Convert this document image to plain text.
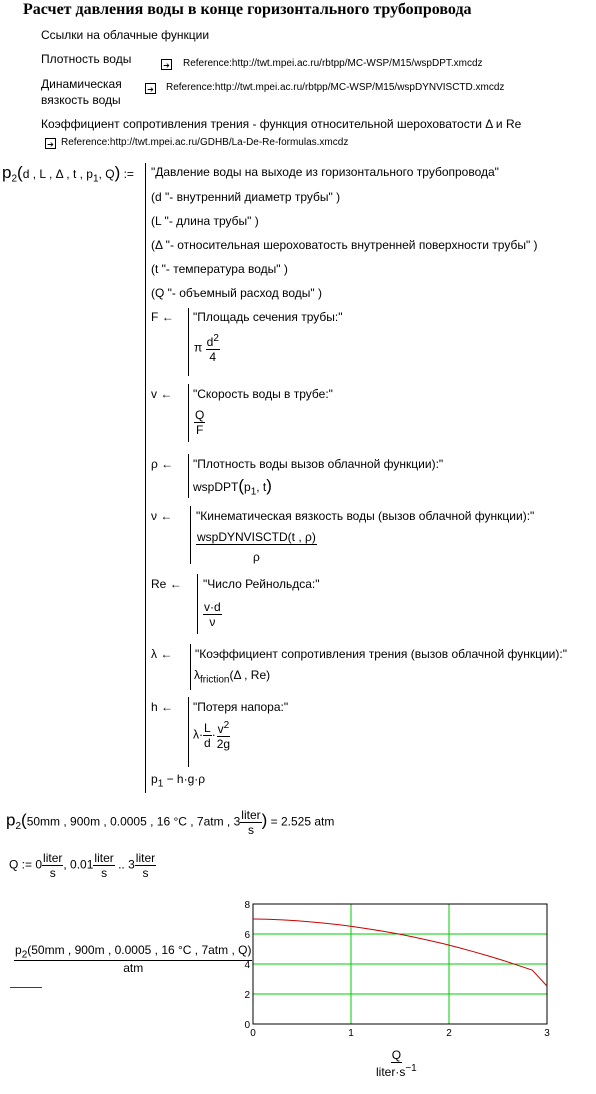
Расчет давления воды в конце горизонтального трубопровода
Ссылки на облачные функции
Плотность воды	➔ Reference:http://twt.mpei.ac.ru/rbtpp/MC-WSP/M15/wspDPT.xmcdz
Динамическая
вязкость воды
➔ Reference:http://twt.mpei.ac.ru/rbtpp/MC-WSP/M15/wspDYNVISCTD.xmcdz
Коэффициент сопротивления трения - функция относительной шероховатости Δ и Re
➔ Reference:http://twt.mpei.ac.ru/GDHB/La-De-Re-formulas.xmcdz
$p_2(d$ , L , Δ , t , $p_1$, Q) := "Давление воды на выходе из горизонтального трубопровода"
(d "- внутренний диаметр трубы" )
(L "- длина трубы" )
(Δ "- относительная шероховатость внутренней поверхности трубы" )
(t "- температура воды" )
(Q "- объемный расход воды" )
F ← "Площадь сечения трубы:"
π $\frac{d^2}{4}$
v ← "Скорость воды в трубе:"
$\frac{Q}{F}$
ρ ← "Плотность воды вызов облачной функции):"
$wspDPT(p_1$, t)
ν ← "Кинематическая вязкость воды (вызов облачной функции):"
$\frac{\text{wspDYNVISCTD(t , ρ)}}{\rho}$
Re ← "Число Рейнольдса:"
$\frac{v\cdot d}{\nu}$
λ ← "Коэффициент сопротивления трения (вызов облачной функции):"
$\lambda_{friction}(\Delta$ , Re)
h ← "Потеря напора:"
$\lambda\cdot \frac{L}{d} \cdot \frac{v^2}{2g}$
$p_1 - h\cdot g\cdot\rho$
$p_2(50mm$ , 900m , 0.0005 , 16 °C , 7atm , $3 \frac{\text{liter}}{s}$ ) = 2.525 atm
Q := $0 \frac{\text{liter}}{s}$ , $0.01 \frac{\text{liter}}{s}$ .. $3 \frac{\text{liter}}{s}$
$\frac{p_2(50mm , 900m , 0.0005 , 16 ^\circ C , 7atm , Q)}{\text{atm}}$
0
2
4
6
8
0	1	2	3
$\frac{Q}{liter\cdot s^{-1}}$
